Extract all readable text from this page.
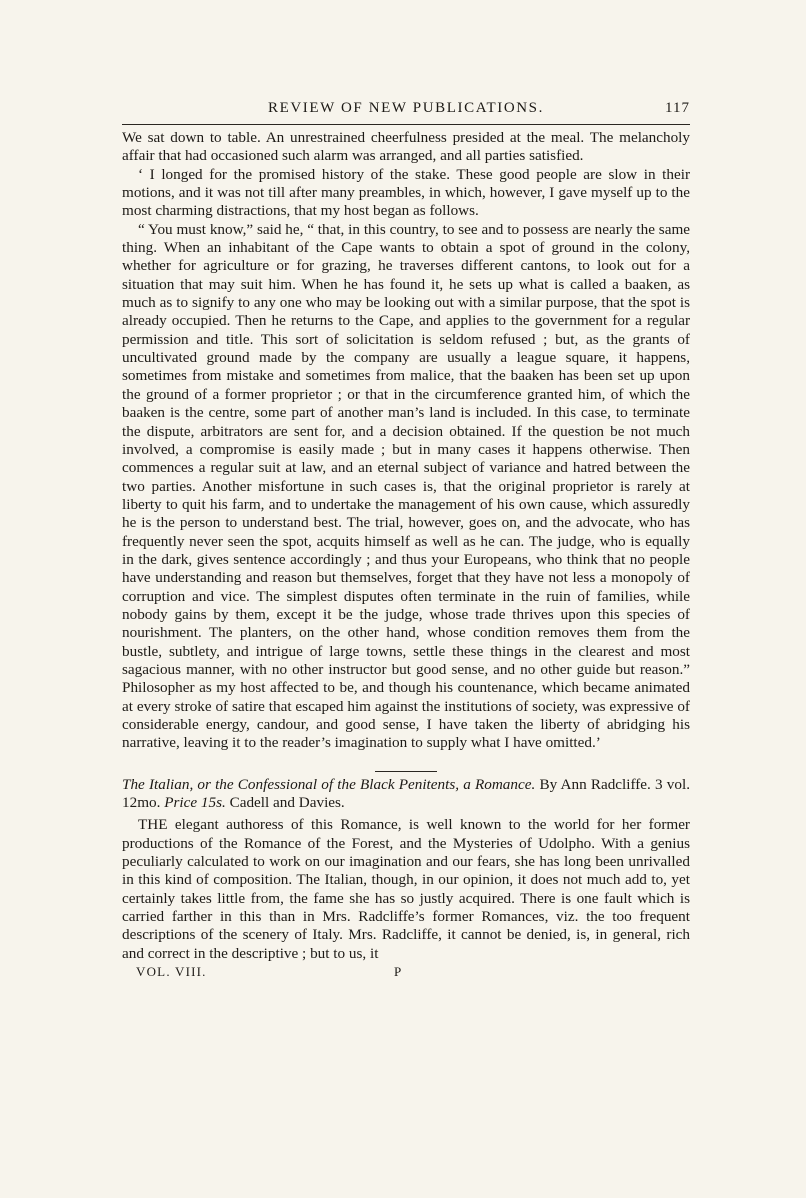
REVIEW OF NEW PUBLICATIONS.	117

We sat down to table. An unrestrained cheerfulness presided at the meal. The melancholy affair that had occasioned such alarm was arranged, and all parties satisfied.

‘ I longed for the promised history of the stake. These good people are slow in their motions, and it was not till after many preambles, in which, however, I gave myself up to the most charming distractions, that my host began as follows.

“ You must know,” said he, “ that, in this country, to see and to possess are nearly the same thing. When an inhabitant of the Cape wants to obtain a spot of ground in the colony, whether for agriculture or for grazing, he traverses different cantons, to look out for a situation that may suit him. When he has found it, he sets up what is called a baaken, as much as to signify to any one who may be looking out with a similar purpose, that the spot is already occupied. Then he returns to the Cape, and applies to the government for a regular permission and title. This sort of solicitation is seldom refused ; but, as the grants of uncultivated ground made by the company are usually a league square, it happens, sometimes from mistake and sometimes from malice, that the baaken has been set up upon the ground of a former proprietor ; or that in the circumference granted him, of which the baaken is the centre, some part of another man’s land is included. In this case, to terminate the dispute, arbitrators are sent for, and a decision obtained. If the question be not much involved, a compromise is easily made ; but in many cases it happens otherwise. Then commences a regular suit at law, and an eternal subject of variance and hatred between the two parties. Another misfortune in such cases is, that the original proprietor is rarely at liberty to quit his farm, and to undertake the management of his own cause, which assuredly he is the person to understand best. The trial, however, goes on, and the advocate, who has frequently never seen the spot, acquits himself as well as he can. The judge, who is equally in the dark, gives sentence accordingly ; and thus your Europeans, who think that no people have understanding and reason but themselves, forget that they have not less a monopoly of corruption and vice. The simplest disputes often terminate in the ruin of families, while nobody gains by them, except it be the judge, whose trade thrives upon this species of nourishment. The planters, on the other hand, whose condition removes them from the bustle, subtlety, and intrigue of large towns, settle these things in the clearest and most sagacious manner, with no other instructor but good sense, and no other guide but reason.” Philosopher as my host affected to be, and though his countenance, which became animated at every stroke of satire that escaped him against the institutions of society, was expressive of considerable energy, candour, and good sense, I have taken the liberty of abridging his narrative, leaving it to the reader’s imagination to supply what I have omitted.’

The Italian, or the Confessional of the Black Penitents, a Romance. By Ann Radcliffe. 3 vol. 12mo. Price 15s. Cadell and Davies.

THE elegant authoress of this Romance, is well known to the world for her former productions of the Romance of the Forest, and the Mysteries of Udolpho. With a genius peculiarly calculated to work on our imagination and our fears, she has long been unrivalled in this kind of composition. The Italian, though, in our opinion, it does not much add to, yet certainly takes little from, the fame she has so justly acquired. There is one fault which is carried farther in this than in Mrs. Radcliffe’s former Romances, viz. the too frequent descriptions of the scenery of Italy. Mrs. Radcliffe, it cannot be denied, is, in general, rich and correct in the descriptive ; but to us, it

VOL. VIII.	P
